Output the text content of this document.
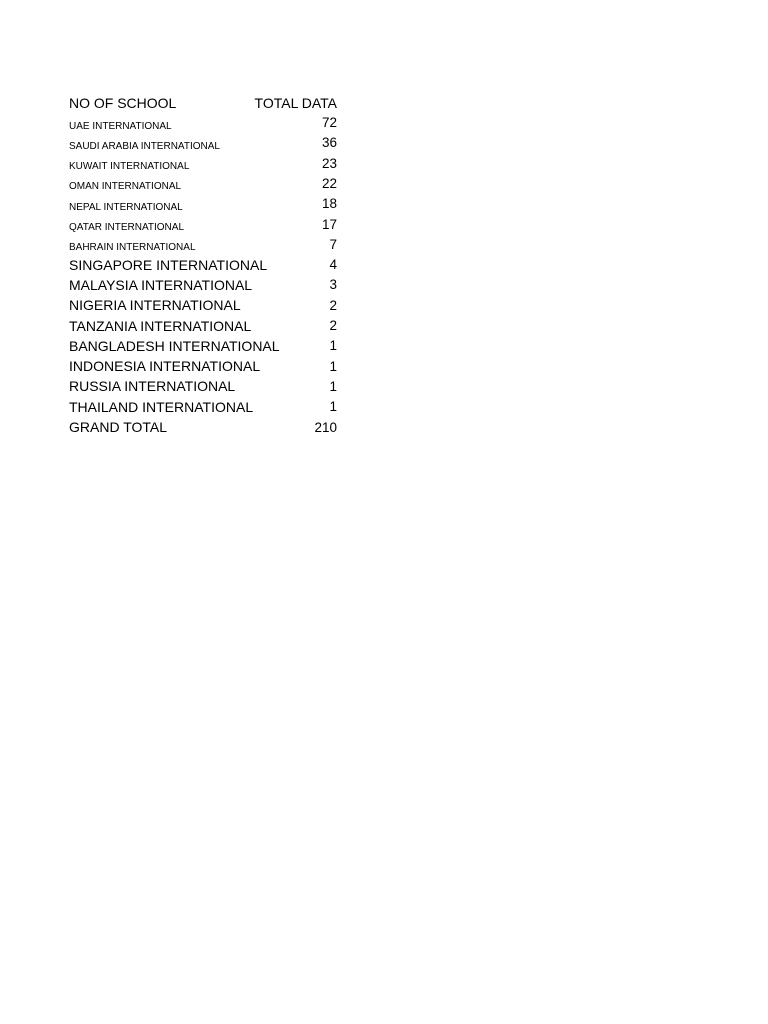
NO OF SCHOOL	TOTAL DATA
UAE INTERNATIONAL	72
SAUDI ARABIA INTERNATIONAL	36
KUWAIT INTERNATIONAL	23
OMAN INTERNATIONAL	22
NEPAL INTERNATIONAL	18
QATAR INTERNATIONAL	17
BAHRAIN INTERNATIONAL	7
SINGAPORE INTERNATIONAL	4
MALAYSIA INTERNATIONAL	3
NIGERIA INTERNATIONAL	2
TANZANIA INTERNATIONAL	2
BANGLADESH INTERNATIONAL	1
INDONESIA INTERNATIONAL	1
RUSSIA INTERNATIONAL	1
THAILAND INTERNATIONAL	1
GRAND TOTAL	210
